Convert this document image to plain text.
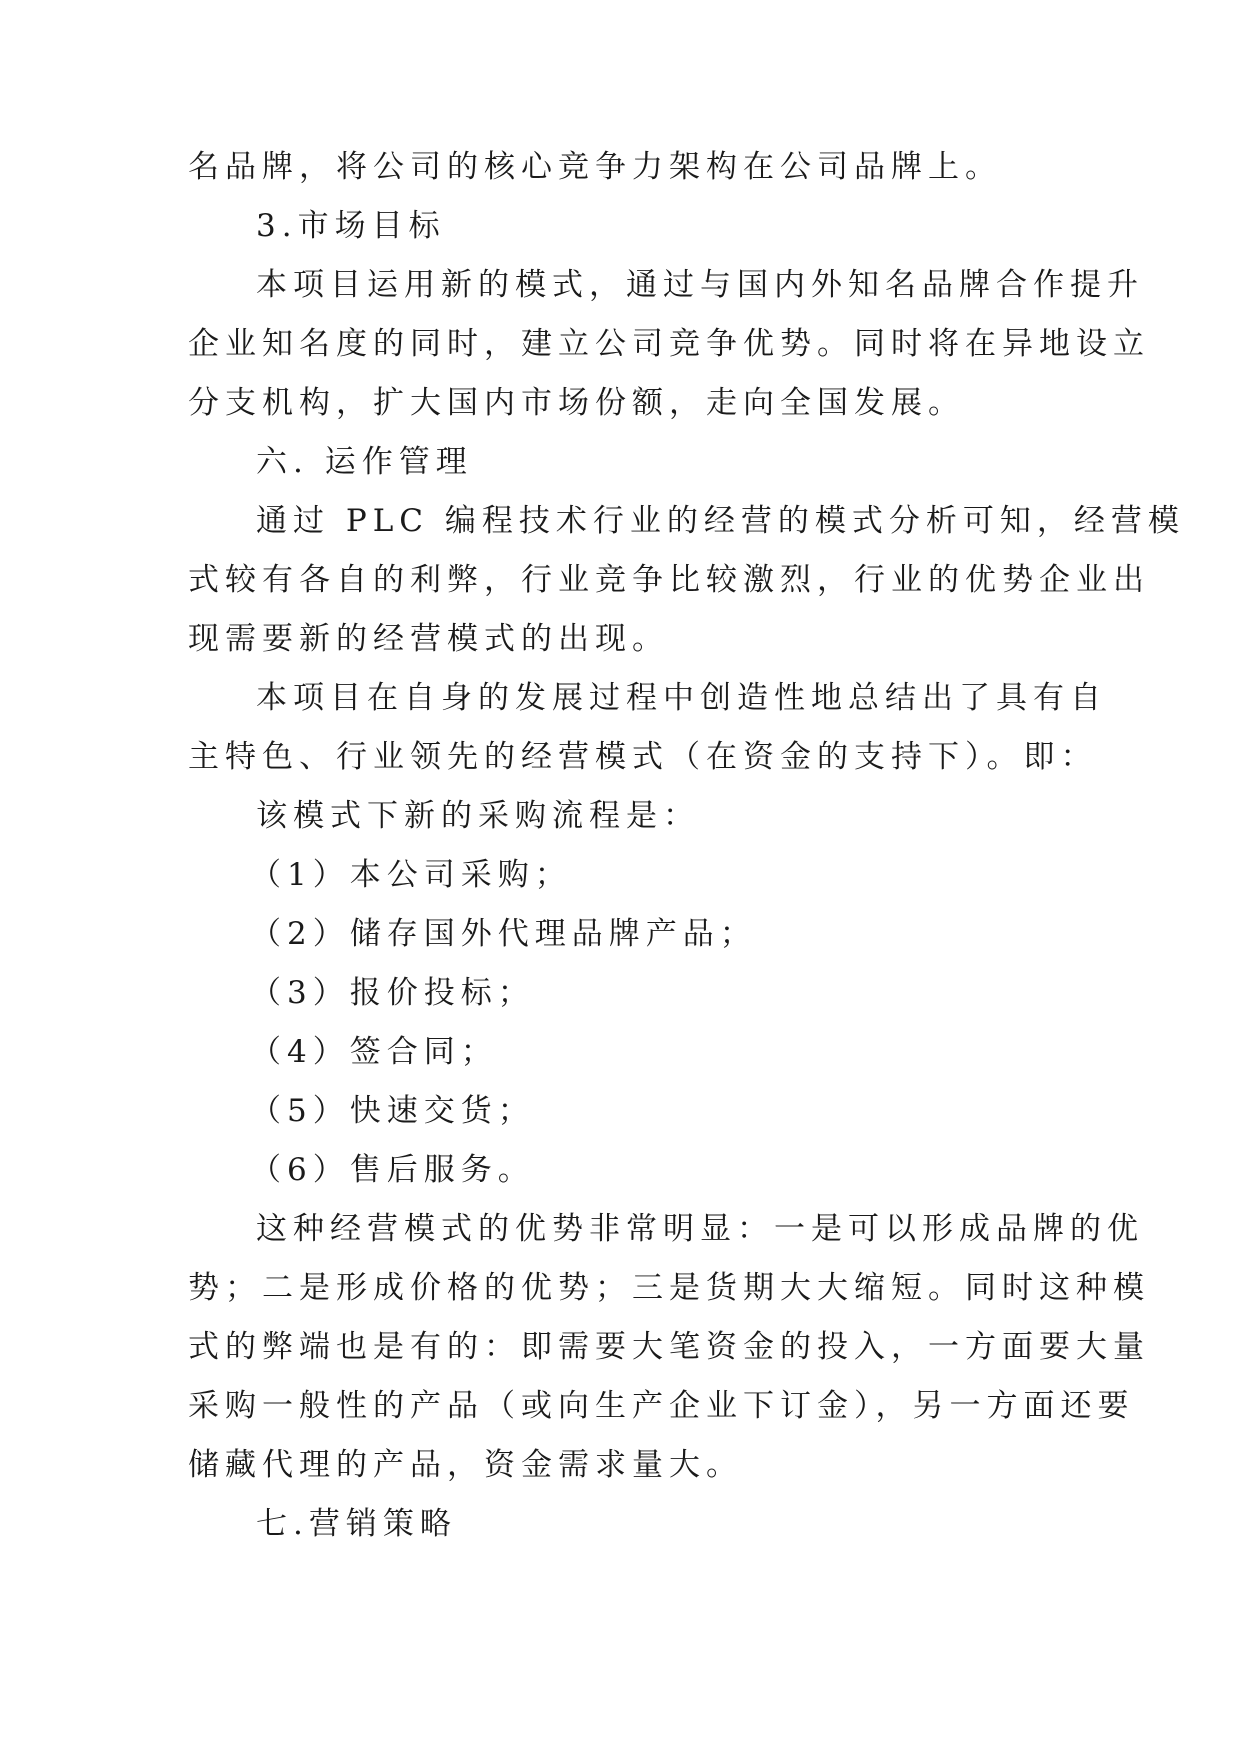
名品牌，将公司的核心竞争力架构在公司品牌上。
3.市场目标
本项目运用新的模式，通过与国内外知名品牌合作提升
企业知名度的同时，建立公司竞争优势。同时将在异地设立
分支机构，扩大国内市场份额，走向全国发展。
六. 运作管理
通过 PLC 编程技术行业的经营的模式分析可知，经营模
式较有各自的利弊，行业竞争比较激烈，行业的优势企业出
现需要新的经营模式的出现。
本项目在自身的发展过程中创造性地总结出了具有自
主特色、行业领先的经营模式（在资金的支持下）。即：
该模式下新的采购流程是：
（1）本公司采购；
（2）储存国外代理品牌产品；
（3）报价投标；
（4）签合同；
（5）快速交货；
（6）售后服务。
这种经营模式的优势非常明显：一是可以形成品牌的优
势；二是形成价格的优势；三是货期大大缩短。同时这种模
式的弊端也是有的：即需要大笔资金的投入，一方面要大量
采购一般性的产品（或向生产企业下订金），另一方面还要
储藏代理的产品，资金需求量大。
七.营销策略
